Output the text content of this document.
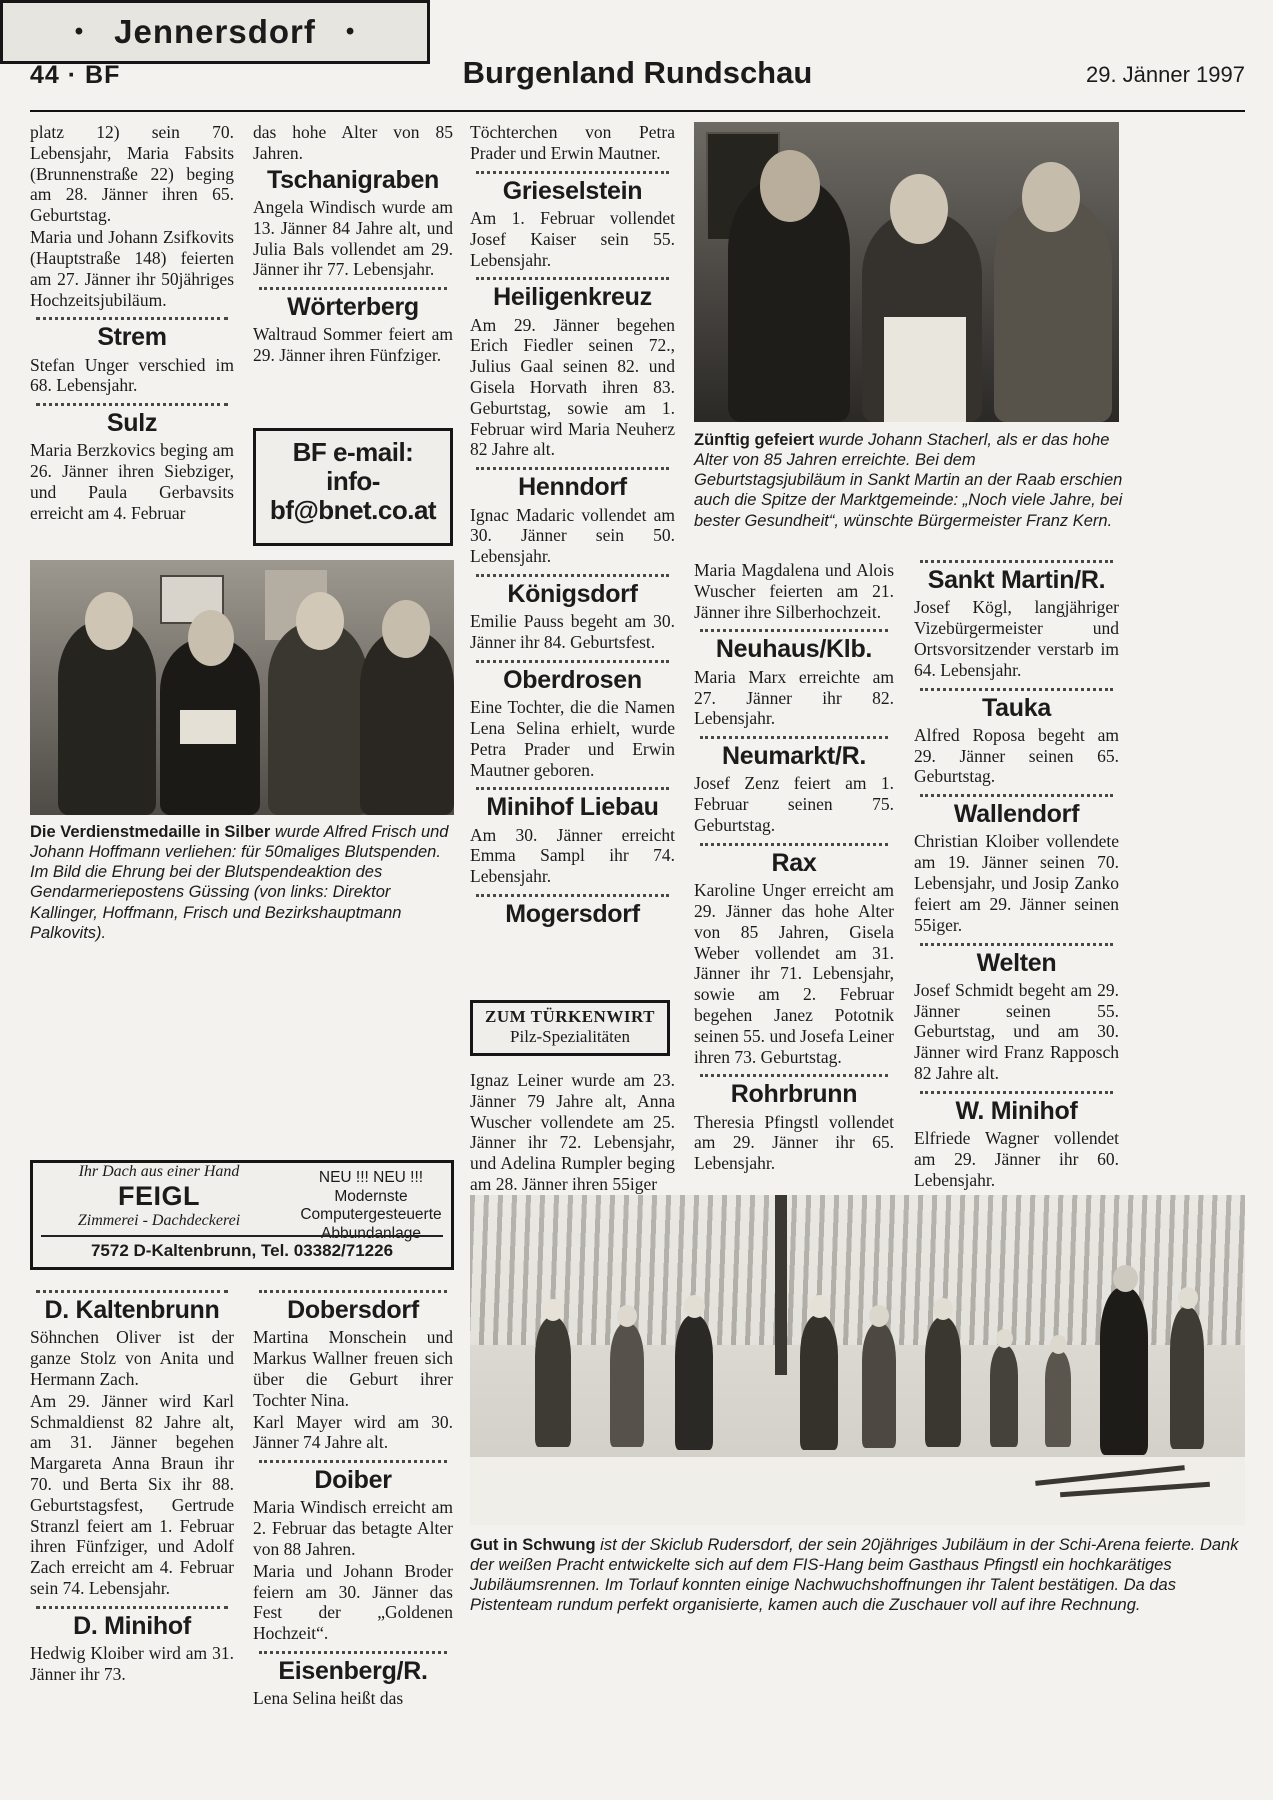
44 · BF	Burgenland Rundschau	29. Jänner 1997

platz 12) sein 70. Lebensjahr, Maria Fabsits (Brunnenstraße 22) beging am 28. Jänner ihren 65. Geburtstag.

Maria und Johann Zsifkovits (Hauptstraße 148) feierten am 27. Jänner ihr 50jähriges Hochzeitsjubiläum.

Strem

Stefan Unger verschied im 68. Lebensjahr.

Sulz

Maria Berzkovics beging am 26. Jänner ihren Siebziger, und Paula Gerbavsits erreicht am 4. Februar

das hohe Alter von 85 Jahren.

Tschanigraben

Angela Windisch wurde am 13. Jänner 84 Jahre alt, und Julia Bals vollendet am 29. Jänner ihr 77. Lebensjahr.

Wörterberg

Waltraud Sommer feiert am 29. Jänner ihren Fünfziger.

BF e-mail:
info-
bf@bnet.co.at

Töchterchen von Petra Prader und Erwin Mautner.

Grieselstein

Am 1. Februar vollendet Josef Kaiser sein 55. Lebensjahr.

Heiligenkreuz

Am 29. Jänner begehen Erich Fiedler seinen 72., Julius Gaal seinen 82. und Gisela Horvath ihren 83. Geburtstag, sowie am 1. Februar wird Maria Neuherz 82 Jahre alt.

Henndorf

Ignac Madaric vollendet am 30. Jänner sein 50. Lebensjahr.

Königsdorf

Emilie Pauss begeht am 30. Jänner ihr 84. Geburtsfest.

Oberdrosen

Eine Tochter, die die Namen Lena Selina erhielt, wurde Petra Prader und Erwin Mautner geboren.

Minihof Liebau

Am 30. Jänner erreicht Emma Sampl ihr 74. Lebensjahr.

Mogersdorf
ZUM TÜRKENWIRT
Pilz-Spezialitäten

Ignaz Leiner wurde am 23. Jänner 79 Jahre alt, Anna Wuscher vollendete am 25. Jänner ihr 72. Lebensjahr, und Adelina Rumpler beging am 28. Jänner ihren 55iger

Zünftig gefeiert wurde Johann Stacherl, als er das hohe Alter von 85 Jahren erreichte. Bei dem Geburtstagsjubiläum in Sankt Martin an der Raab erschien auch die Spitze der Marktgemeinde: „Noch viele Jahre, bei bester Gesundheit“, wünschte Bürgermeister Franz Kern.

Maria Magdalena und Alois Wuscher feierten am 21. Jänner ihre Silberhochzeit.

Neuhaus/Klb.

Maria Marx erreichte am 27. Jänner ihr 82. Lebensjahr.

Neumarkt/R.

Josef Zenz feiert am 1. Februar seinen 75. Geburtstag.

Rax

Karoline Unger erreicht am 29. Jänner das hohe Alter von 85 Jahren, Gisela Weber vollendet am 31. Jänner ihr 71. Lebensjahr, sowie am 2. Februar begehen Janez Pototnik seinen 55. und Josefa Leiner ihren 73. Geburtstag.

Rohrbrunn

Theresia Pfingstl vollendet am 29. Jänner ihr 65. Lebensjahr.

Sankt Martin/R.

Josef Kögl, langjähriger Vizebürgermeister und Ortsvorsitzender verstarb im 64. Lebensjahr.

Tauka

Alfred Roposa begeht am 29. Jänner seinen 65. Geburtstag.

Wallendorf

Christian Kloiber vollendete am 19. Jänner seinen 70. Lebensjahr, und Josip Zanko feiert am 29. Jänner seinen 55iger.

Welten

Josef Schmidt begeht am 29. Jänner seinen 55. Geburtstag, und am 30. Jänner wird Franz Rapposch 82 Jahre alt.

W. Minihof

Elfriede Wagner vollendet am 29. Jänner ihr 60. Lebensjahr.

Die Verdienstmedaille in Silber wurde Alfred Frisch und Johann Hoffmann verliehen: für 50maliges Blutspenden. Im Bild die Ehrung bei der Blutspendeaktion des Gendarmeriepostens Güssing (von links: Direktor Kallinger, Hoffmann, Frisch und Bezirkshauptmann Palkovits).
• Jennersdorf •
Ihr Dach aus einer Hand
FEIGL
Zimmerei - Dachdeckerei
NEU !!! NEU !!!
Modernste
Computergesteuerte
Abbundanlage
7572 D-Kaltenbrunn, Tel. 03382/71226
D. Kaltenbrunn

Söhnchen Oliver ist der ganze Stolz von Anita und Hermann Zach.

Am 29. Jänner wird Karl Schmaldienst 82 Jahre alt, am 31. Jänner begehen Margareta Anna Braun ihr 70. und Berta Six ihr 88. Geburtstagsfest, Gertrude Stranzl feiert am 1. Februar ihren Fünfziger, und Adolf Zach erreicht am 4. Februar sein 74. Lebensjahr.

D. Minihof

Hedwig Kloiber wird am 31. Jänner ihr 73.

Dobersdorf

Martina Monschein und Markus Wallner freuen sich über die Geburt ihrer Tochter Nina.

Karl Mayer wird am 30. Jänner 74 Jahre alt.

Doiber

Maria Windisch erreicht am 2. Februar das betagte Alter von 88 Jahren.

Maria und Johann Broder feiern am 30. Jänner das Fest der „Goldenen Hochzeit“.

Eisenberg/R.

Lena Selina heißt das

Gut in Schwung ist der Skiclub Rudersdorf, der sein 20jähriges Jubiläum in der Schi-Arena feierte. Dank der weißen Pracht entwickelte sich auf dem FIS-Hang beim Gasthaus Pfingstl ein hochkarätiges Jubiläumsrennen. Im Torlauf konnten einige Nachwuchshoffnungen ihr Talent bestätigen. Da das Pistenteam rundum perfekt organisierte, kamen auch die Zuschauer voll auf ihre Rechnung.
